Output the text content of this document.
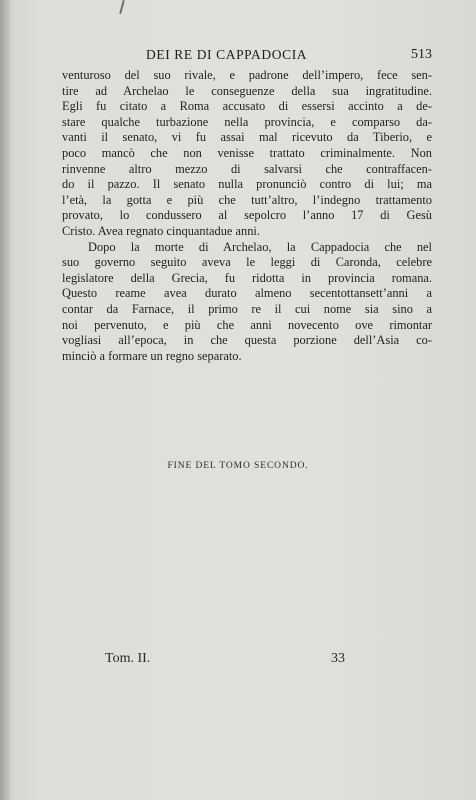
DEI RE DI CAPPADOCIA	513
venturoso del suo rivale, e padrone dell’impero, fece sen-
tire ad Archelao le conseguenze della sua ingratitudine.
Egli fu citato a Roma accusato di essersi accinto a de-
stare qualche turbazione nella provincia, e comparso da-
vanti il senato, vi fu assai mal ricevuto da Tiberio, e
poco mancò che non venisse trattato criminalmente. Non
rinvenne altro mezzo di salvarsi che contraffacen-
do il pazzo. Il senato nulla pronunciò contro di lui; ma
l’età, la gotta e più che tutt’altro, l’indegno trattamento
provato, lo condussero al sepolcro l’anno 17 di Gesù
Cristo. Avea regnato cinquantadue anni.
Dopo la morte di Archelao, la Cappadocia che nel
suo governo seguito aveva le leggi di Caronda, celebre
legislatore della Grecia, fu ridotta in provincia romana.
Questo reame avea durato almeno secentottansett’anni a
contar da Farnace, il primo re il cui nome sia sino a
noi pervenuto, e più che anni novecento ove rimontar
vogliasi all’epoca, in che questa porzione dell’Asia co-
minciò a formare un regno separato.
FINE DEL TOMO SECONDO.
Tom. II.	33
